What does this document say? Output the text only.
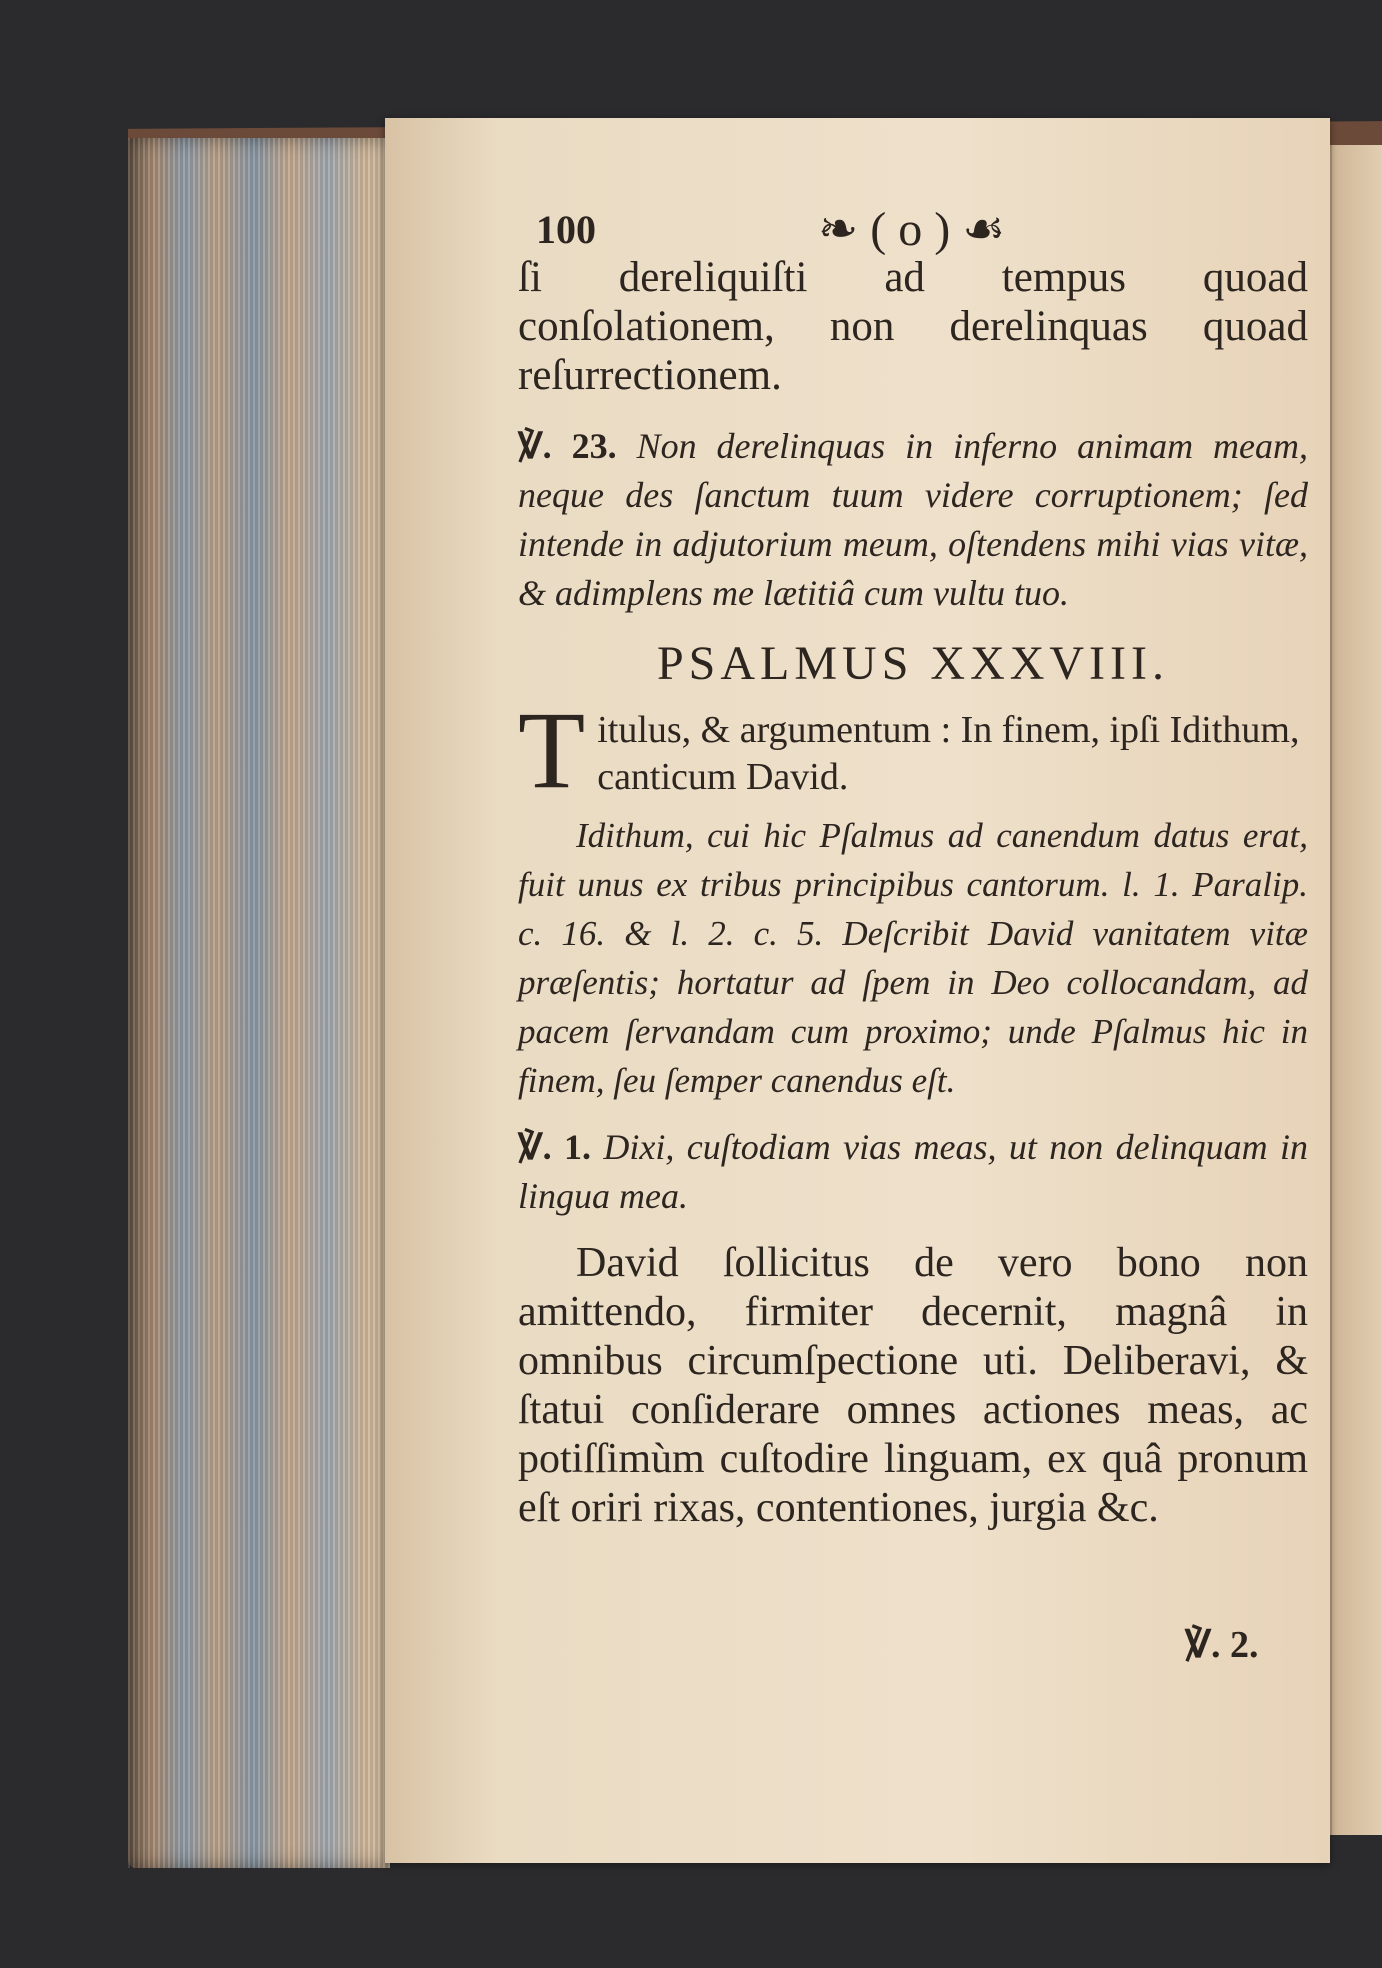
100	❧ ( o ) ☙

ſi dereliquiſti ad tempus quoad conſolationem, non derelinquas quoad reſurrectionem.

℣. 23. Non derelinquas in inferno animam meam, neque des ſanctum tuum videre corruptionem; ſed intende in adjutorium meum, oſtendens mihi vias vitæ, & adimplens me lætitiâ cum vultu tuo.

PSALMUS XXXVIII.
T itulus, & argumentum : In finem, ipſi Idithum, canticum David.

Idithum, cui hic Pſalmus ad canendum datus erat, fuit unus ex tribus principibus cantorum. l. 1. Paralip. c. 16. & l. 2. c. 5. Deſcribit David vanitatem vitæ præſentis; hortatur ad ſpem in Deo collocandam, ad pacem ſervandam cum proximo; unde Pſalmus hic in finem, ſeu ſemper canendus eſt.

℣. 1. Dixi, cuſtodiam vias meas, ut non delinquam in lingua mea.

David ſollicitus de vero bono non amittendo, firmiter decernit, magnâ in omnibus circumſpectione uti. Deliberavi, & ſtatui conſiderare omnes actiones meas, ac potiſſimùm cuſtodire linguam, ex quâ pronum eſt oriri rixas, contentiones, jurgia &c.

℣. 2.
